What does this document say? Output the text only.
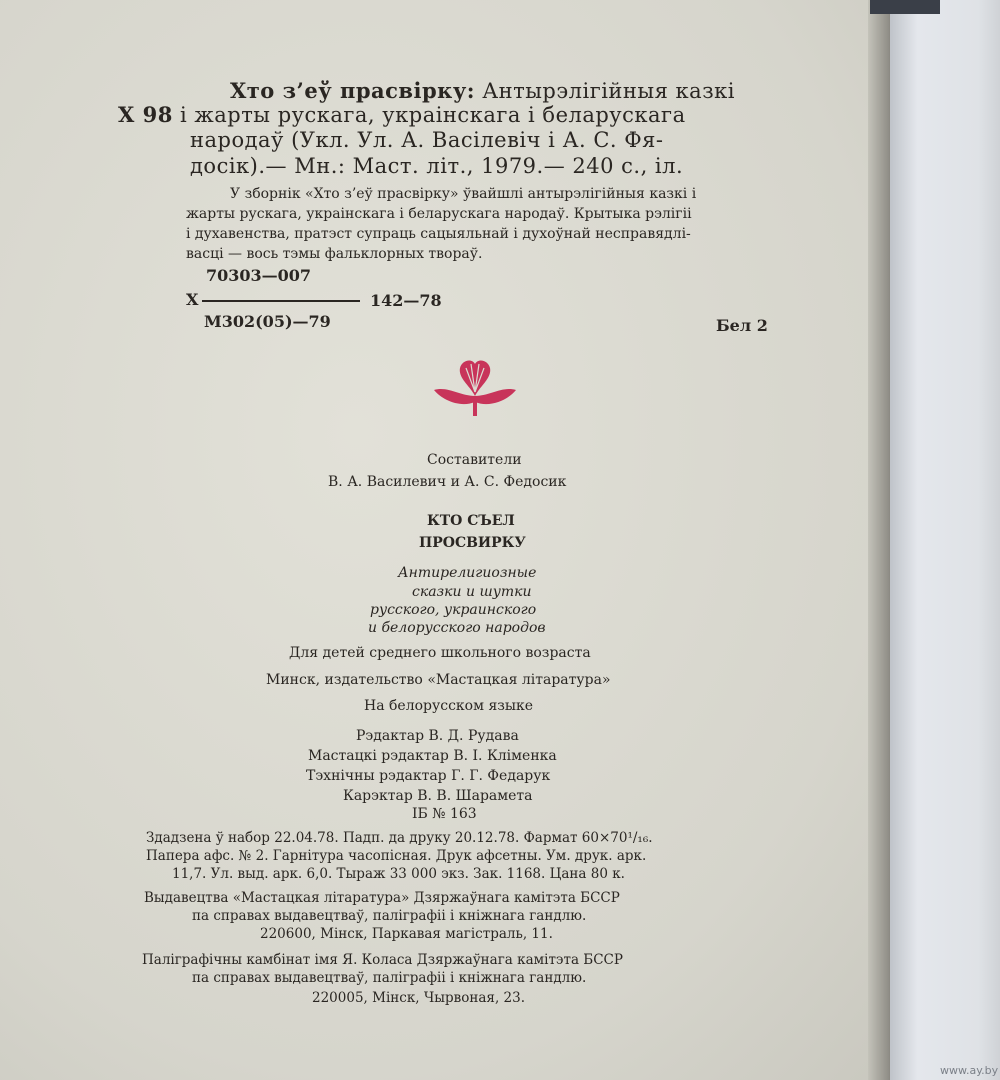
Хто з’еў прасвірку: Антырэлігійныя казкі
Х 98 і жарты рускага, украінскага і беларускага
народаў (Укл. Ул. А. Васілевіч і А. С. Фя-
досік).— Мн.: Маст. літ., 1979.— 240 с., іл.
У зборнік «Хто з’еў прасвірку» ўвайшлі антырэлігійныя казкі і
жарты рускага, украінскага і беларускага народаў. Крытыка рэлігіі
і духавенства, пратэст супраць сацыяльнай і духоўнай несправядлі-
васці — вось тэмы фальклорных твораў.
70303—007
Х	142—78
М302(05)—79	Бел 2
Составители
В. А. Василевич и А. С. Федосик
КТО СЪЕЛ
ПРОСВИРКУ
Антирелигиозные
сказки и шутки
русского, украинского
и белорусского народов
Для детей среднего школьного возраста
Минск, издательство «Мастацкая літаратура»
На белорусском языке
Рэдактар В. Д. Рудава
Мастацкі рэдактар В. І. Кліменка
Тэхнічны рэдактар Г. Г. Федарук
Карэктар В. В. Шарамета
ІБ № 163
Здадзена ў набор 22.04.78. Падп. да друку 20.12.78. Фармат 60×70¹/₁₆.
Папера афс. № 2. Гарнітура часопісная. Друк афсетны. Ум. друк. арк.
11,7. Ул. выд. арк. 6,0. Тыраж 33 000 экз. Зак. 1168. Цана 80 к.
Выдавецтва «Мастацкая літаратура» Дзяржаўнага камітэта БССР
па справах выдавецтваў, паліграфіі і кніжнага гандлю.
220600, Мінск, Паркавая магістраль, 11.
Паліграфічны камбінат імя Я. Коласа Дзяржаўнага камітэта БССР
па справах выдавецтваў, паліграфіі і кніжнага гандлю.
220005, Мінск, Чырвоная, 23.
www.ay.by
